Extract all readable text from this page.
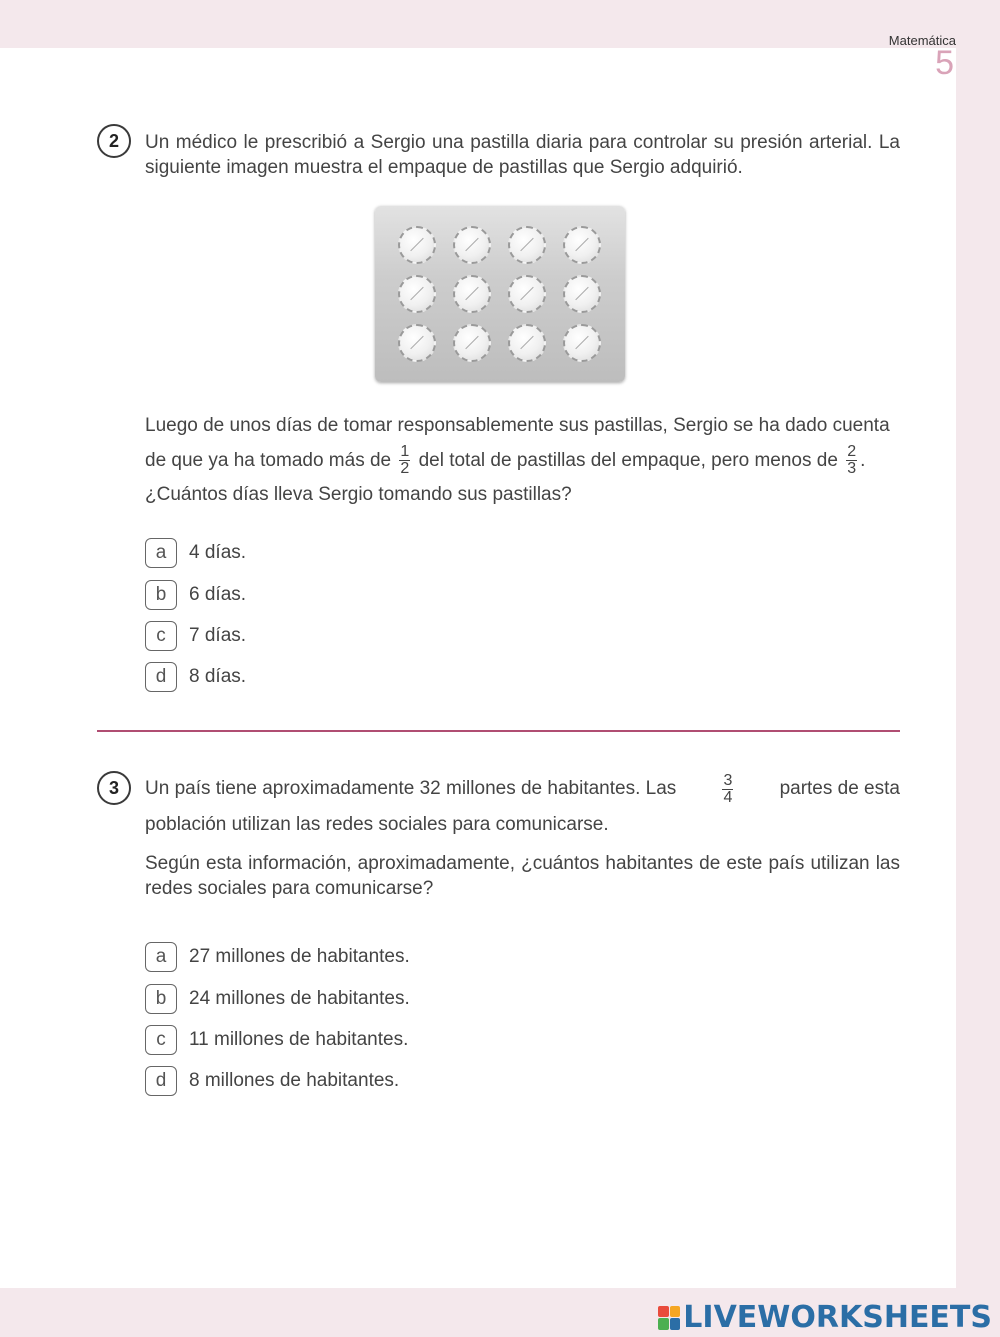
Matemática
5
2	Un médico le prescribió a Sergio una pastilla diaria para controlar su presión arterial. La siguiente imagen muestra el empaque de pastillas que Sergio adquirió.
Luego de unos días de tomar responsablemente sus pastillas, Sergio se ha dado cuenta
de que ya ha tomado más de $\frac{1}{2}$ del total de pastillas del empaque, pero menos de $\frac{2}{3}$ .
¿Cuántos días lleva Sergio tomando sus pastillas?
a	4 días.
b	6 días.
c	7 días.
d	8 días.
3	Un país tiene aproximadamente 32 millones de habitantes. Las	$\frac{3}{4}$ partes de esta
población utilizan las redes sociales para comunicarse.
Según esta información, aproximadamente, ¿cuántos habitantes de este país utilizan las redes sociales para comunicarse?
a	27 millones de habitantes.
b	24 millones de habitantes.
c	11 millones de habitantes.
d	8 millones de habitantes.
LIVEWORKSHEETS
